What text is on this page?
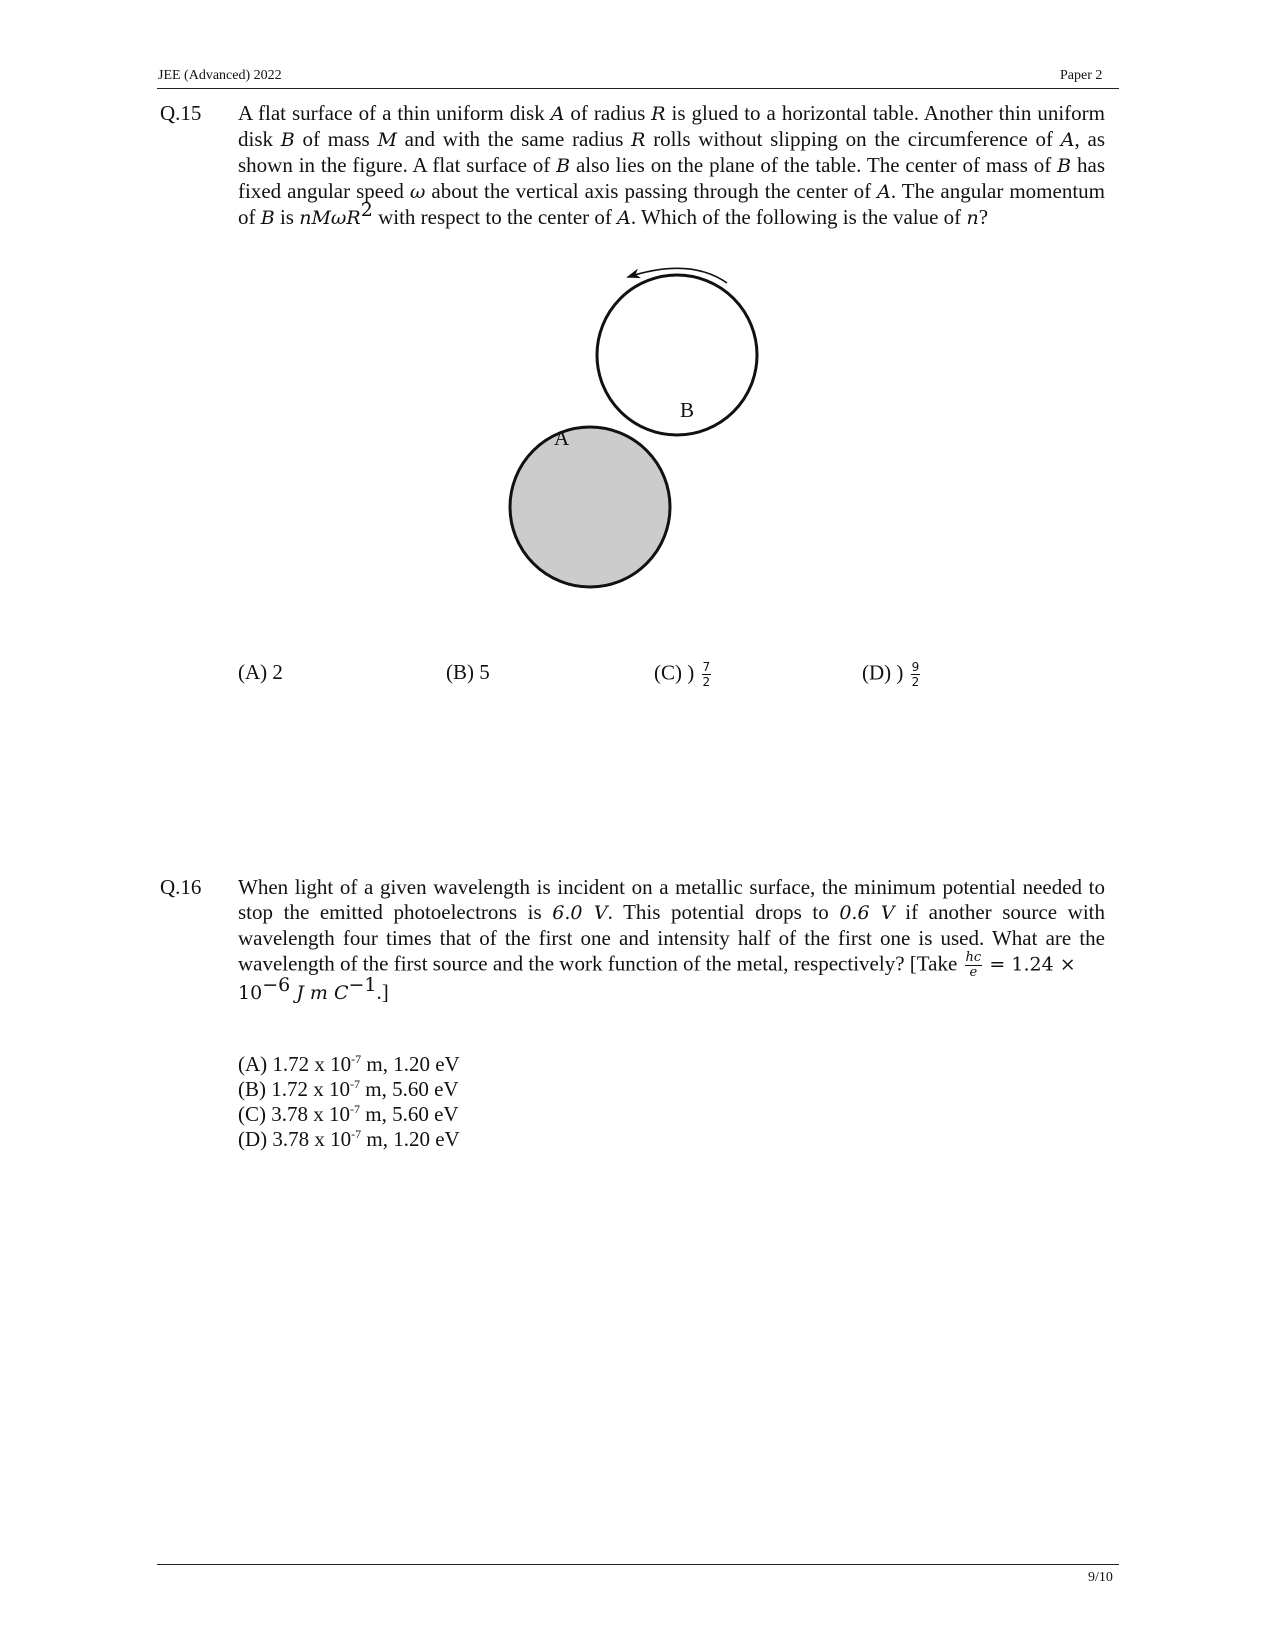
JEE (Advanced) 2022	Paper 2
Q.15 A flat surface of a thin uniform disk A of radius R is glued to a horizontal table. Another thin uniform disk B of mass M and with the same radius R rolls without slipping on the circumference of A, as shown in the figure. A flat surface of B also lies on the plane of the table. The center of mass of B has fixed angular speed ω about the vertical axis passing through the center of A. The angular momentum of B is nMωR$^2$ with respect to the center of A. Which of the following is the value of n?
A
B
(A) 2	(B) 5	(C) ) $\frac{7}{2}$	(D) ) $\frac{9}{2}$
Q.16 When light of a given wavelength is incident on a metallic surface, the minimum potential needed to stop the emitted photoelectrons is 6.0 V. This potential drops to 0.6 V if another source with wavelength four times that of the first one and intensity half of the first one is used. What are the wavelength of the first source and the work function of the metal, respectively? [Take $\frac{hc}{e} = 1.24$ ×
$10^{-6}$ J m $C^{-1}$.]
(A) 1.72 x $10^{-7}$ m, 1.20 eV
(B) 1.72 x $10^{-7}$ m, 5.60 eV
(C) 3.78 x $10^{-7}$ m, 5.60 eV
(D) 3.78 x $10^{-7}$ m, 1.20 eV
9/10
